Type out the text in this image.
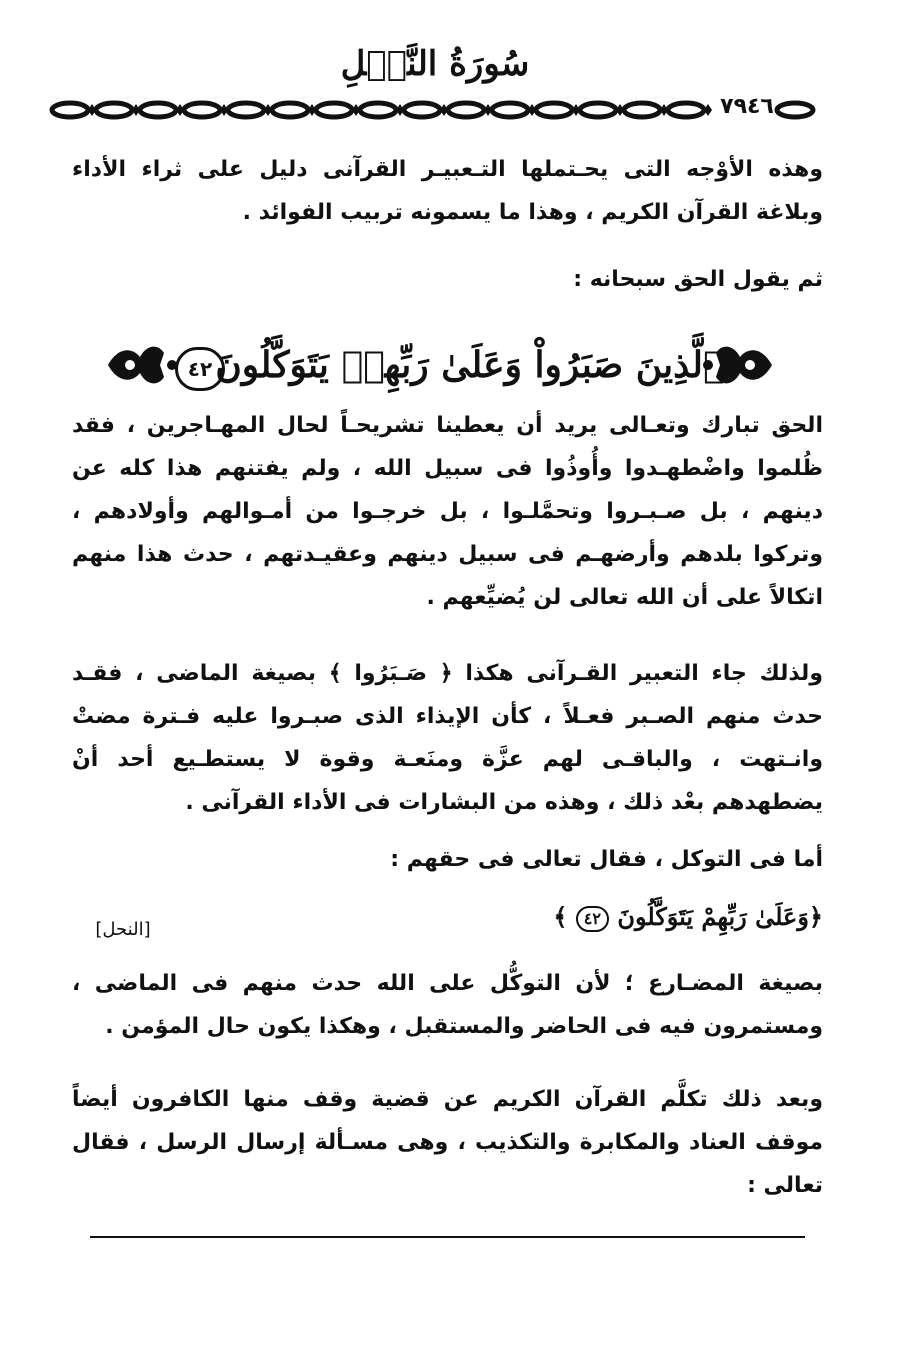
سُورَةُ النَّحۡلِ
٧٩٤٦
وهذه الأوْجه التى يحـتملها التـعبيـر القرآنى دليل على ثراء الأداء وبلاغة القرآن الكريم ، وهذا ما يسمونه تربيب الفوائد .
ثم يقول الحق سبحانه :
ٱلَّذِينَ صَبَرُواْ وَعَلَىٰ رَبِّهِمۡ يَتَوَكَّلُونَ
٤٢
الحق تبارك وتعـالى يريد أن يعطينا تشريحـاً لحال المهـاجرين ، فقد ظُلموا واضْطهـدوا وأُوذُوا فى سبيل الله ، ولم يفتنهم هذا كله عن دينهم ، بل صـبـروا وتحمَّلـوا ، بل خرجـوا من أمـوالهم وأولادهم ، وتركوا بلدهم وأرضهـم فى سبيل دينهم وعقيـدتهم ، حدث هذا منهم اتكالاً على أن الله تعالى لن يُضيِّعهم .
ولذلك جاء التعبير القـرآنى هكذا ﴿ صَـبَرُوا ﴾ بصيغة الماضى ، فقـد حدث منهم الصـبر فعـلاً ، كأن الإيذاء الذى صبـروا عليه فـترة مضتْ وانـتهت ، والباقـى لهم عزَّة ومنَعـة وقوة لا يستطـيع أحد أنْ يضطهدهم بعْد ذلك ، وهذه من البشارات فى الأداء القرآنى .
أما فى التوكل ، فقال تعالى فى حقهم :
﴿وَعَلَىٰ رَبِّهِمْ يَتَوَكَّلُونَ ٤٢ ﴾
[النحل]
بصيغة المضـارع ؛ لأن التوكُّل على الله حدث منهم فى الماضى ، ومستمرون فيه فى الحاضر والمستقبل ، وهكذا يكون حال المؤمن .
وبعد ذلك تكلَّم القرآن الكريم عن قضية وقف منها الكافرون أيضاً موقف العناد والمكابرة والتكذيب ، وهى مسـألة إرسال الرسل ، فقال تعالى :
